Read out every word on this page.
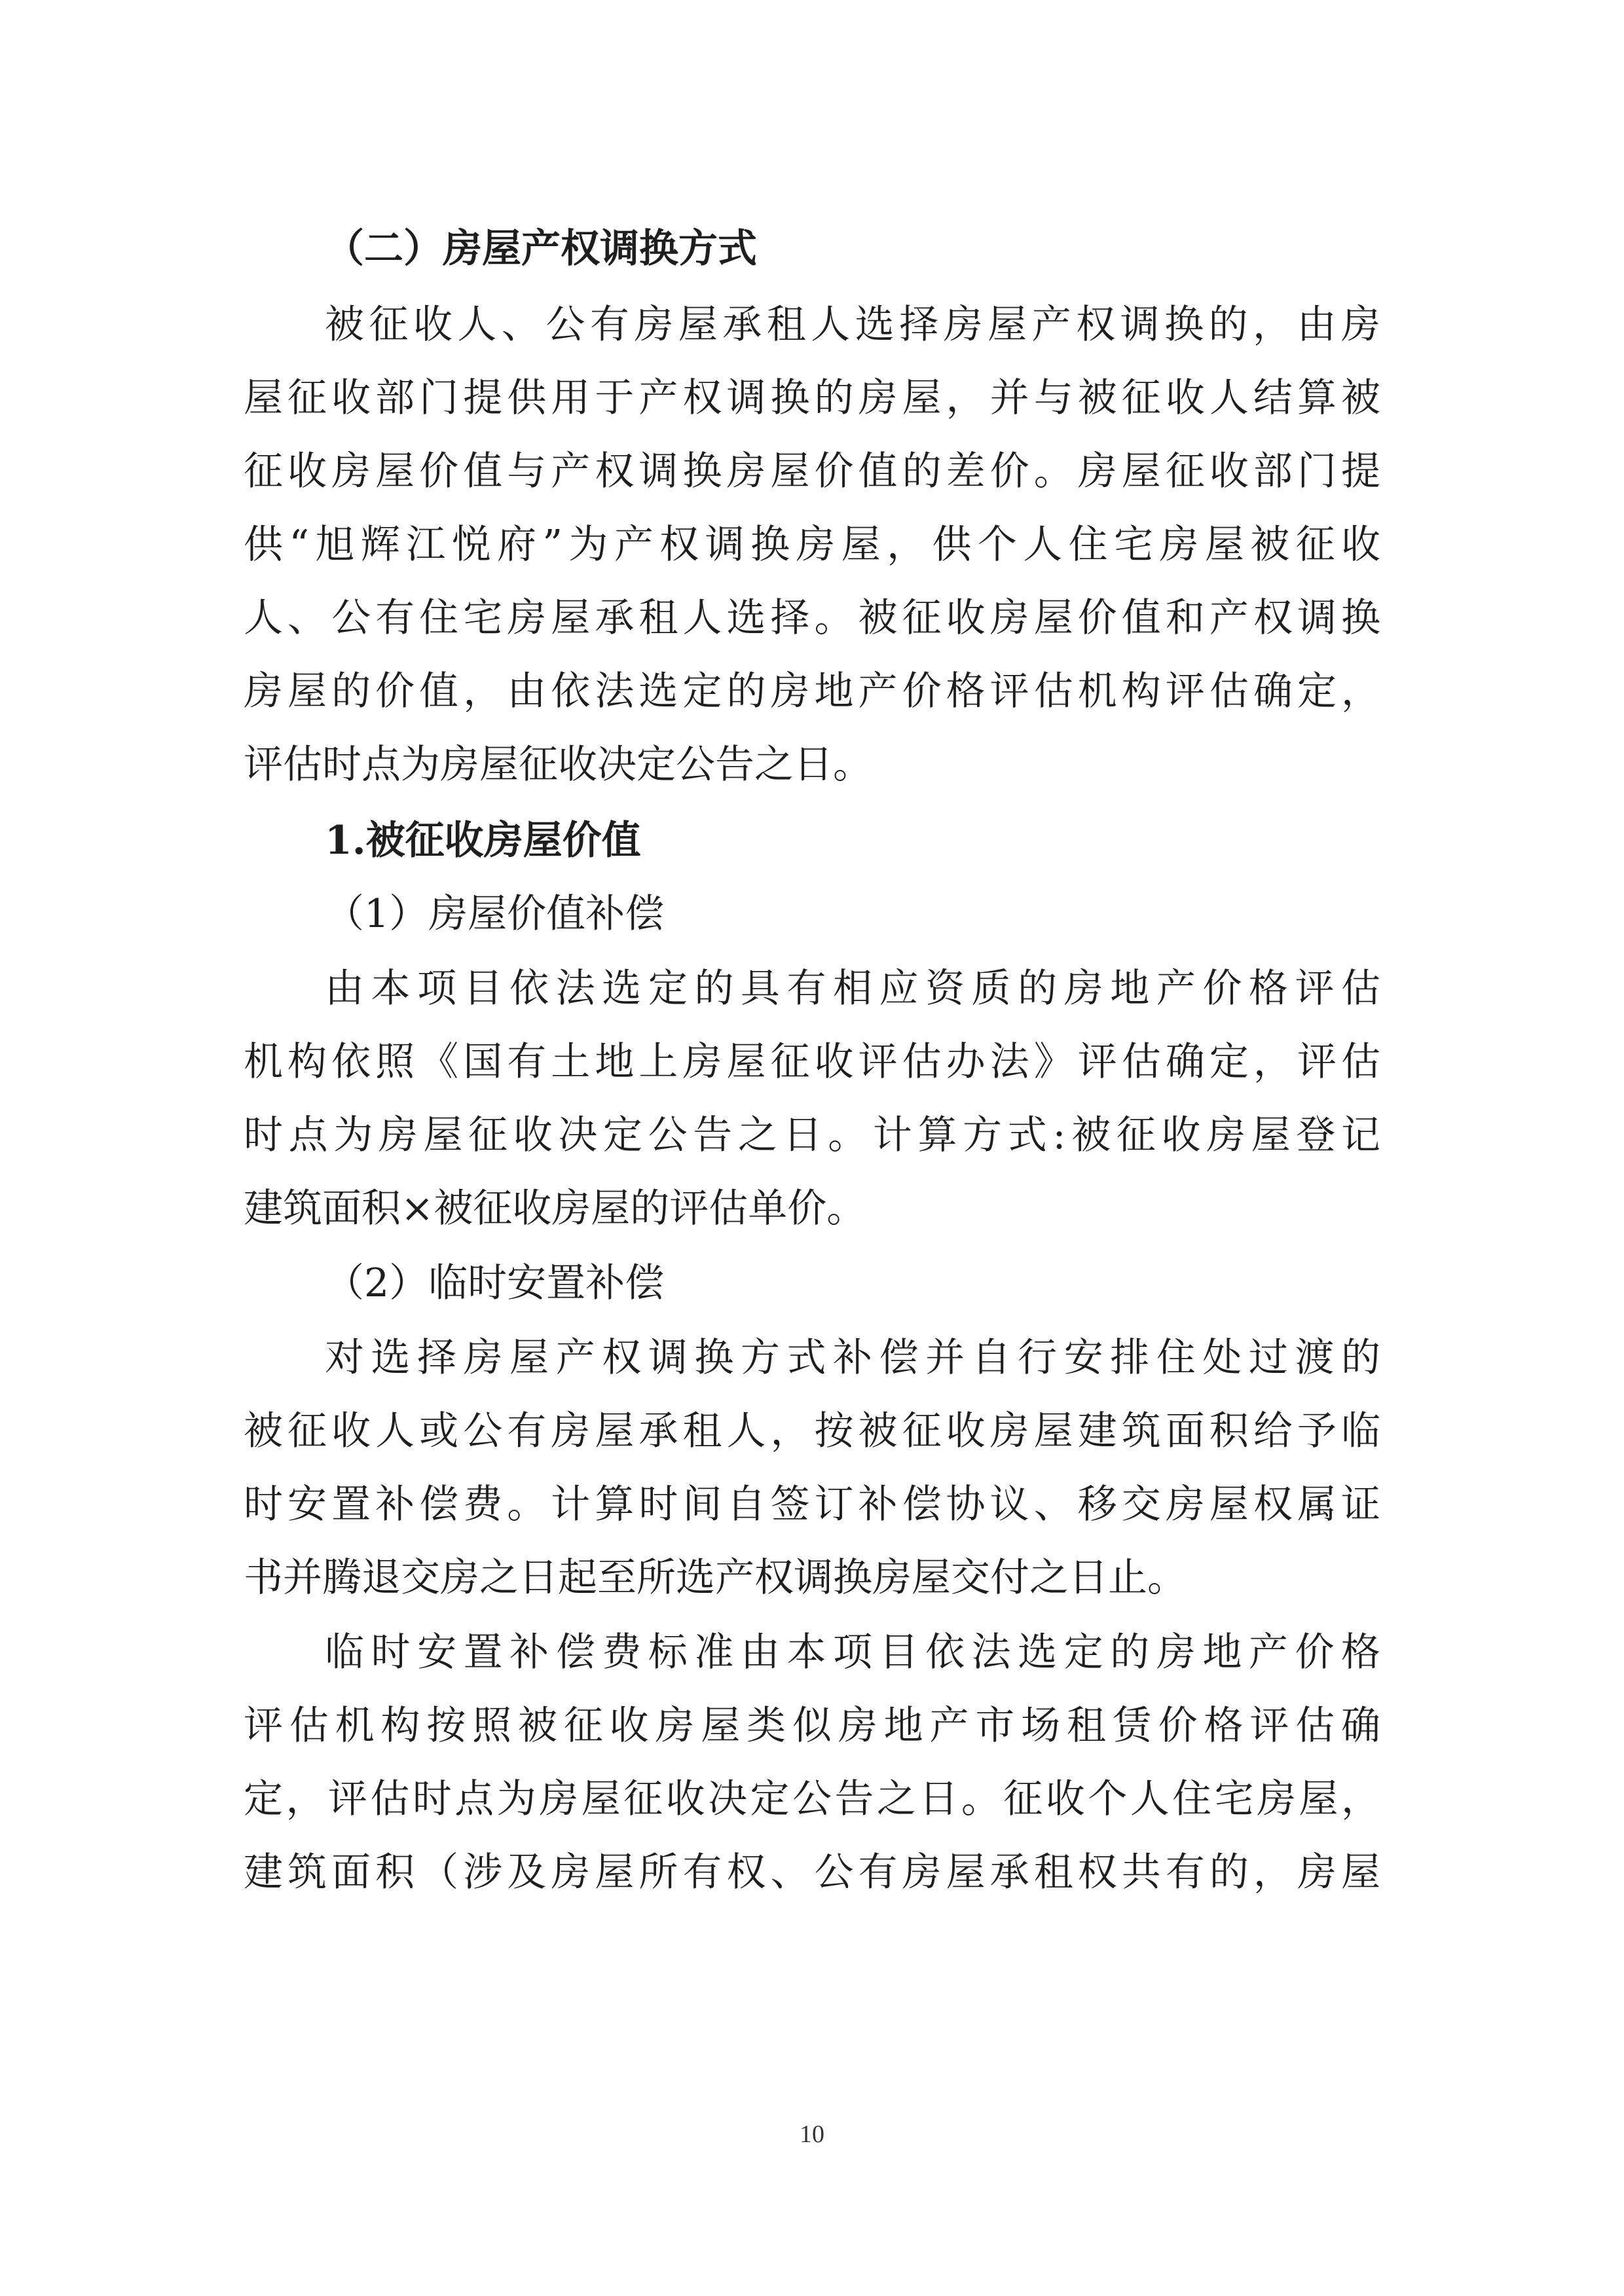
（二）房屋产权调换方式
被征收人、公有房屋承租人选择房屋产权调换的，由房
屋征收部门提供用于产权调换的房屋，并与被征收人结算被
征收房屋价值与产权调换房屋价值的差价。房屋征收部门提
供“旭辉江悦府”为产权调换房屋，供个人住宅房屋被征收
人、公有住宅房屋承租人选择。被征收房屋价值和产权调换
房屋的价值，由依法选定的房地产价格评估机构评估确定，
评估时点为房屋征收决定公告之日。
1.被征收房屋价值
（1）房屋价值补偿
由本项目依法选定的具有相应资质的房地产价格评估
机构依照《国有土地上房屋征收评估办法》评估确定，评估
时点为房屋征收决定公告之日。计算方式:被征收房屋登记
建筑面积×被征收房屋的评估单价。
（2）临时安置补偿
对选择房屋产权调换方式补偿并自行安排住处过渡的
被征收人或公有房屋承租人，按被征收房屋建筑面积给予临
时安置补偿费。计算时间自签订补偿协议、移交房屋权属证
书并腾退交房之日起至所选产权调换房屋交付之日止。
临时安置补偿费标准由本项目依法选定的房地产价格
评估机构按照被征收房屋类似房地产市场租赁价格评估确
定，评估时点为房屋征收决定公告之日。征收个人住宅房屋，
建筑面积（涉及房屋所有权、公有房屋承租权共有的，房屋
10
